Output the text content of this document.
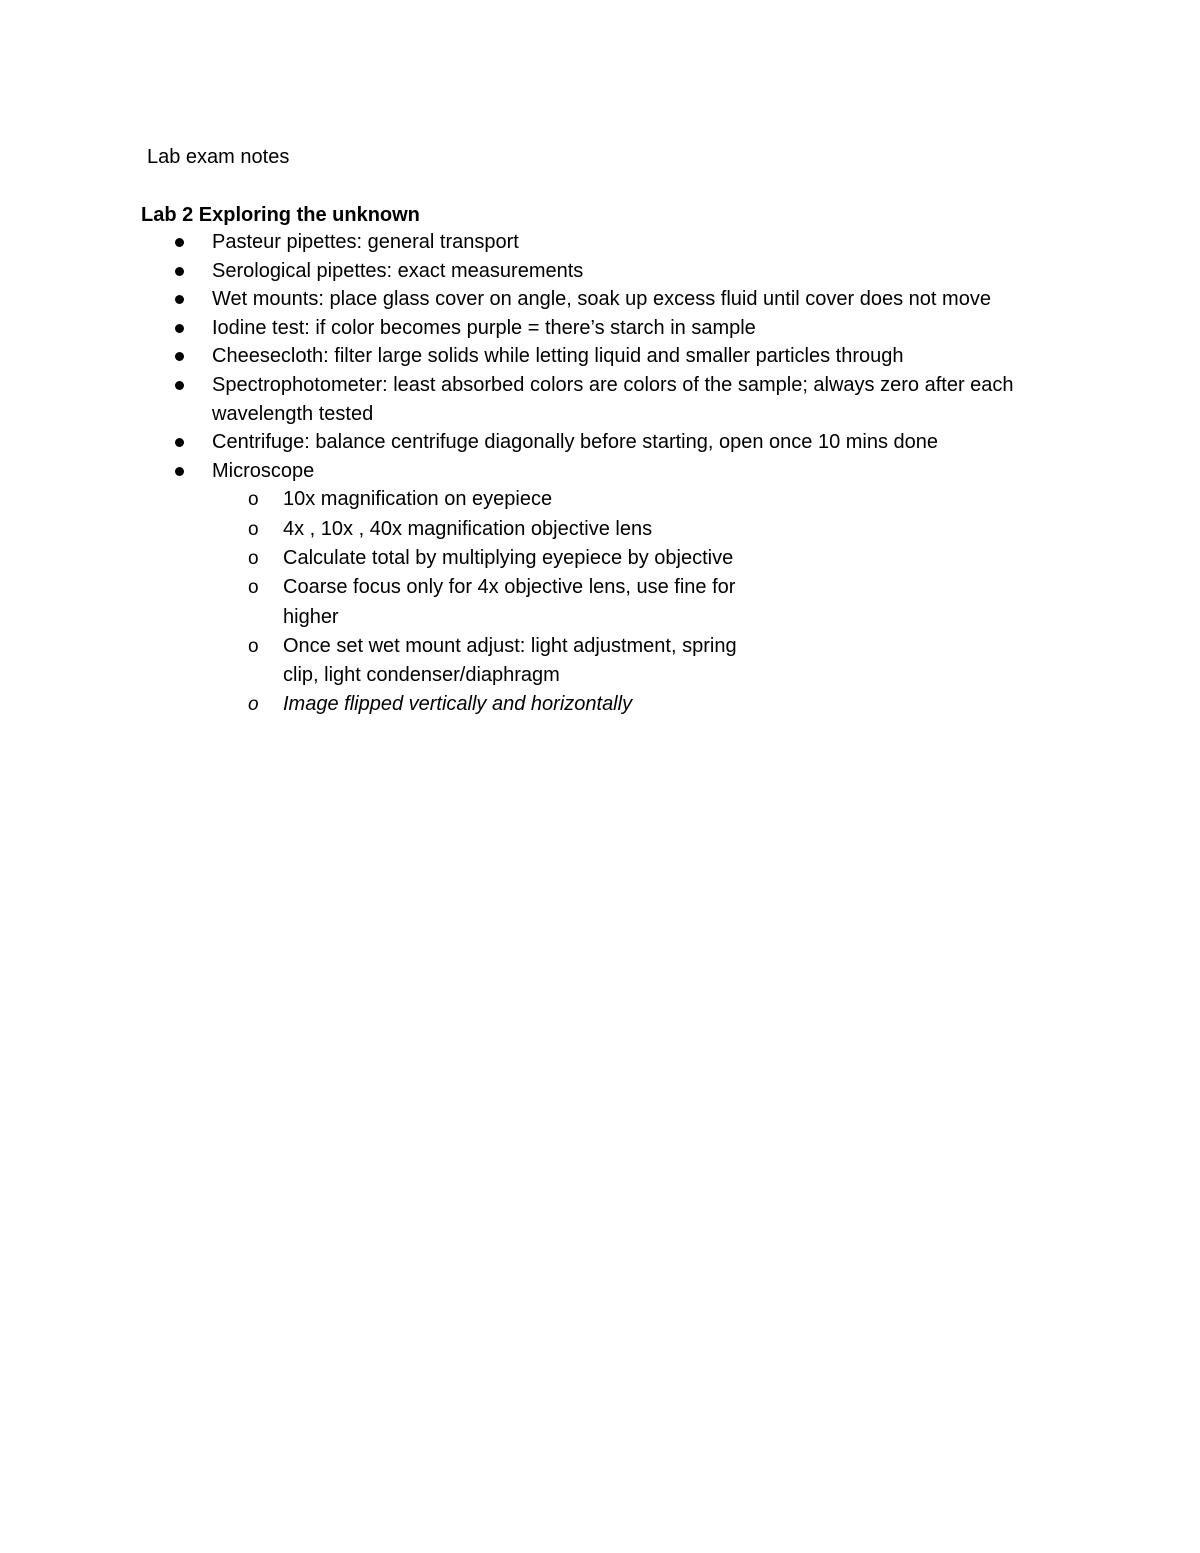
Lab exam notes
Lab 2 Exploring the unknown
Pasteur pipettes: general transport
Serological pipettes: exact measurements
Wet mounts: place glass cover on angle, soak up excess fluid until cover does not move
Iodine test: if color becomes purple = there’s starch in sample
Cheesecloth: filter large solids while letting liquid and smaller particles through
Spectrophotometer: least absorbed colors are colors of the sample; always zero after each wavelength tested
Centrifuge: balance centrifuge diagonally before starting, open once 10 mins done
Microscope
o 10x magnification on eyepiece
o 4x , 10x , 40x magnification objective lens
o Calculate total by multiplying eyepiece by objective
o Coarse focus only for 4x objective lens, use fine for higher
o Once set wet mount adjust: light adjustment, spring clip, light condenser/diaphragm
o Image flipped vertically and horizontally
